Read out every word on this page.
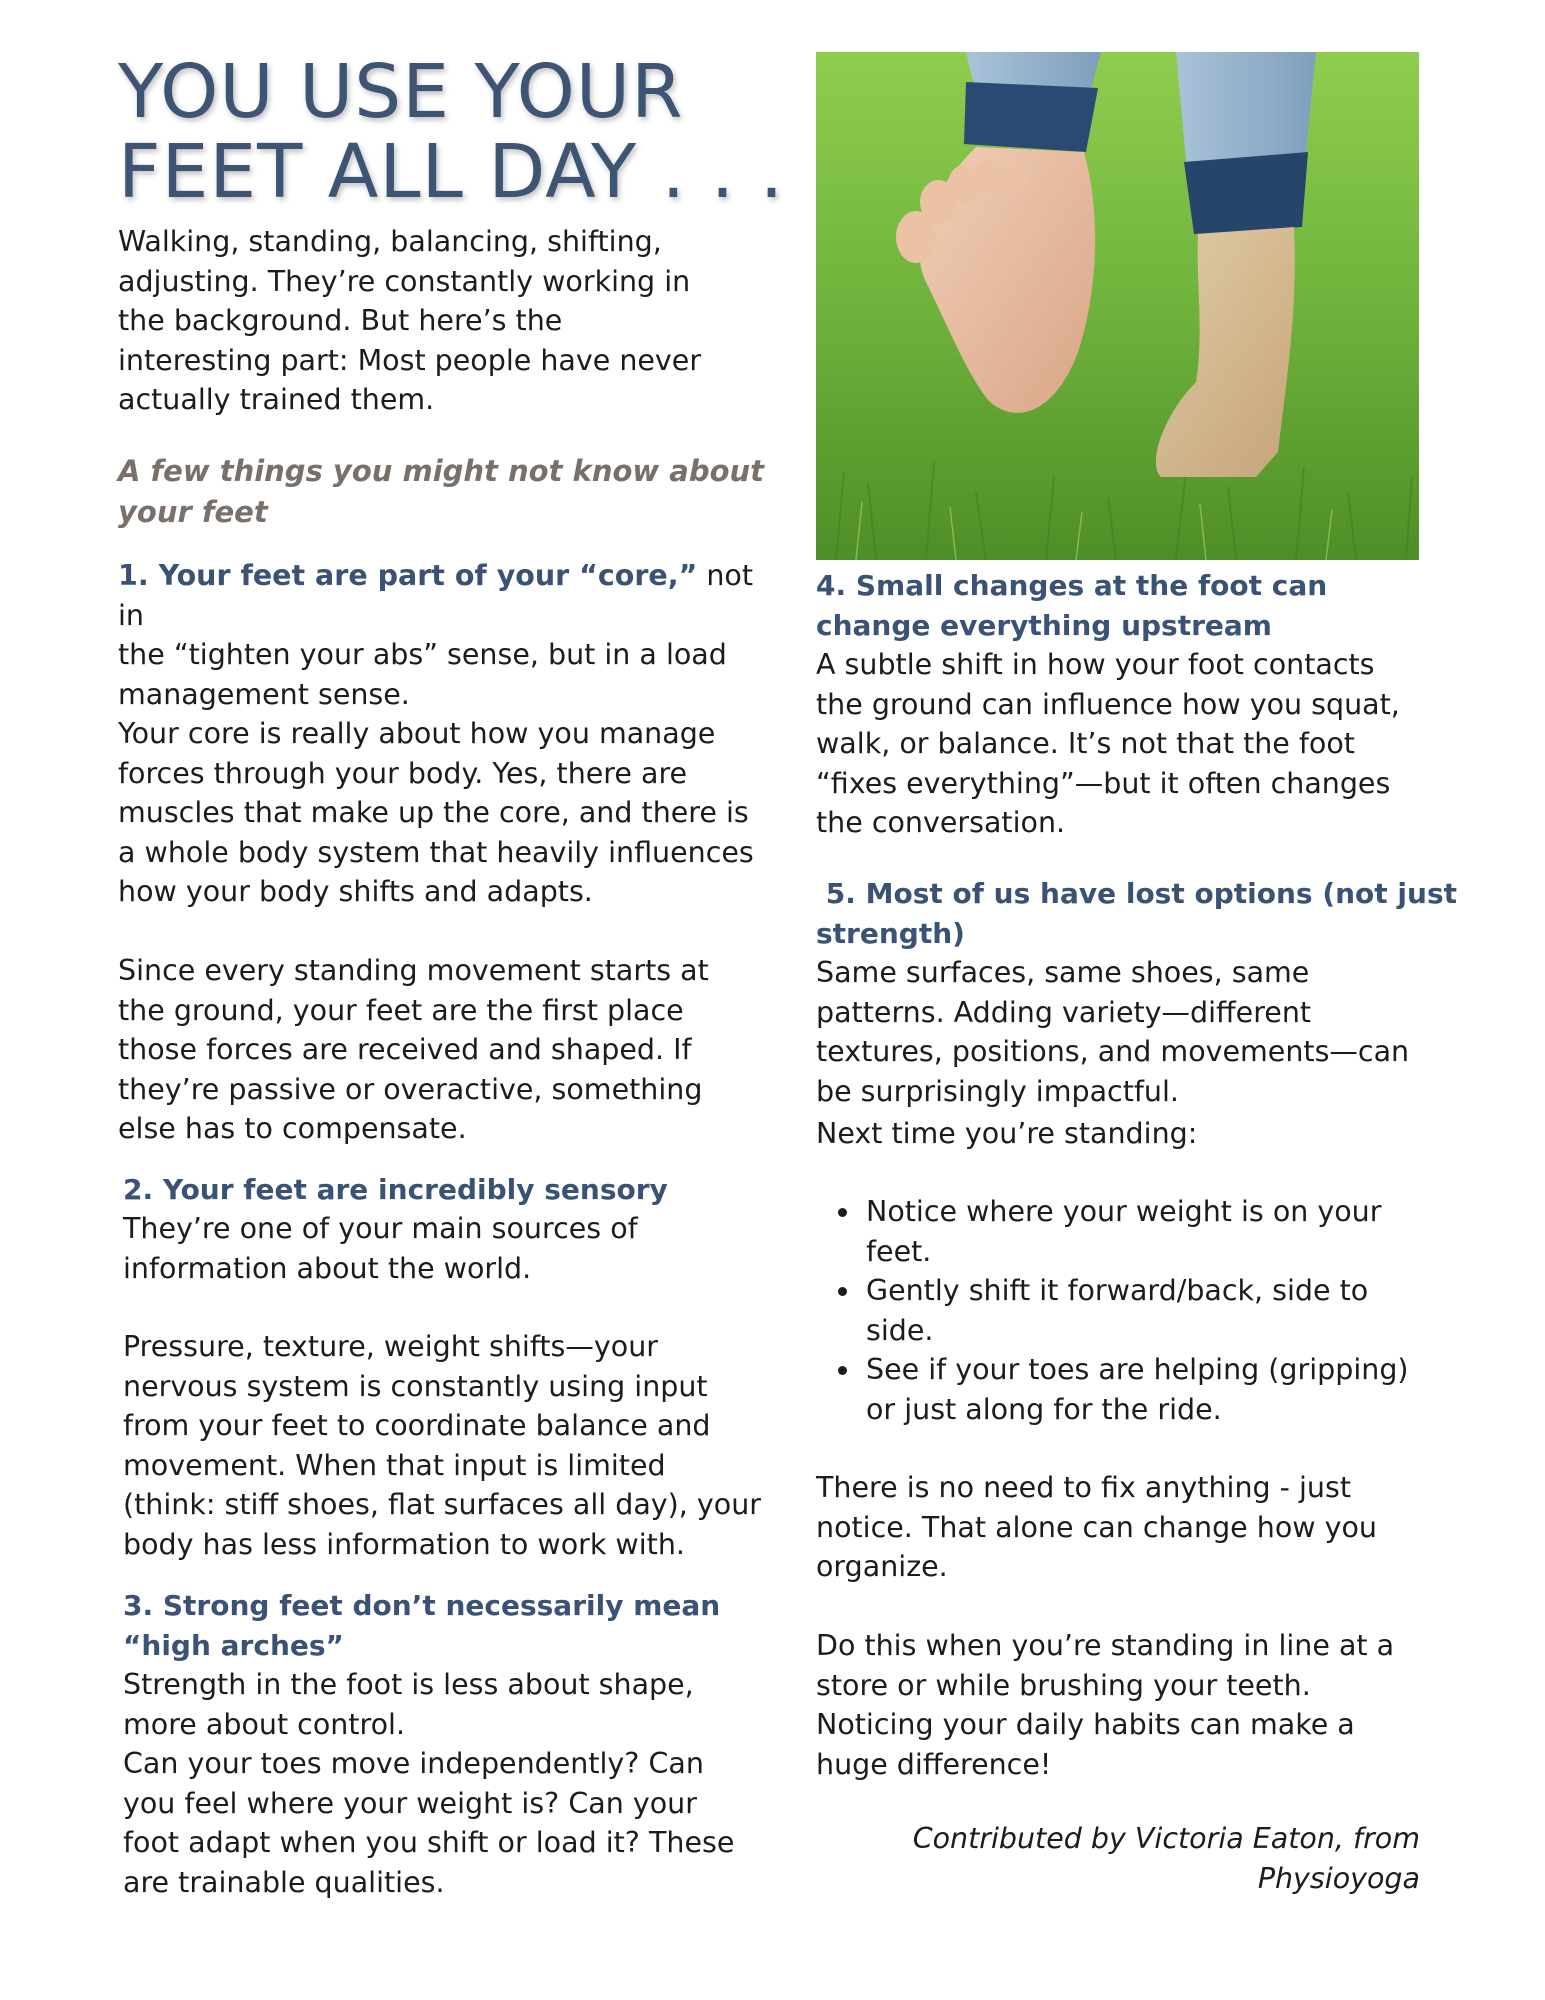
YOU USE YOUR
FEET ALL DAY . . .

Walking, standing, balancing, shifting,
adjusting. They’re constantly working in
the background. But here’s the
interesting part: Most people have never
actually trained them.

A few things you might not know about
your feet

1. Your feet are part of your “core,” not in
the “tighten your abs” sense, but in a load
management sense.

Your core is really about how you manage
forces through your body. Yes, there are
muscles that make up the core, and there is
a whole body system that heavily influences
how your body shifts and adapts.

Since every standing movement starts at
the ground, your feet are the first place
those forces are received and shaped. If
they’re passive or overactive, something
else has to compensate.

2. Your feet are incredibly sensory

They’re one of your main sources of
information about the world.

Pressure, texture, weight shifts—your
nervous system is constantly using input
from your feet to coordinate balance and
movement. When that input is limited
(think: stiff shoes, flat surfaces all day), your
body has less information to work with.

3. Strong feet don’t necessarily mean
“high arches”

Strength in the foot is less about shape,
more about control.
Can your toes move independently? Can
you feel where your weight is? Can your
foot adapt when you shift or load it? These
are trainable qualities.

4. Small changes at the foot can
change everything upstream

A subtle shift in how your foot contacts
the ground can influence how you squat,
walk, or balance. It’s not that the foot
“fixes everything”—but it often changes
the conversation.

5. Most of us have lost options (not just
strength)

Same surfaces, same shoes, same
patterns. Adding variety—different
textures, positions, and movements—can
be surprisingly impactful.

Next time you’re standing:

Notice where your weight is on your
feet.
Gently shift it forward/back, side to
side.
See if your toes are helping (gripping)
or just along for the ride.

There is no need to fix anything - just
notice. That alone can change how you
organize.

Do this when you’re standing in line at a
store or while brushing your teeth.
Noticing your daily habits can make a
huge difference!

Contributed by Victoria Eaton, from
Physioyoga
